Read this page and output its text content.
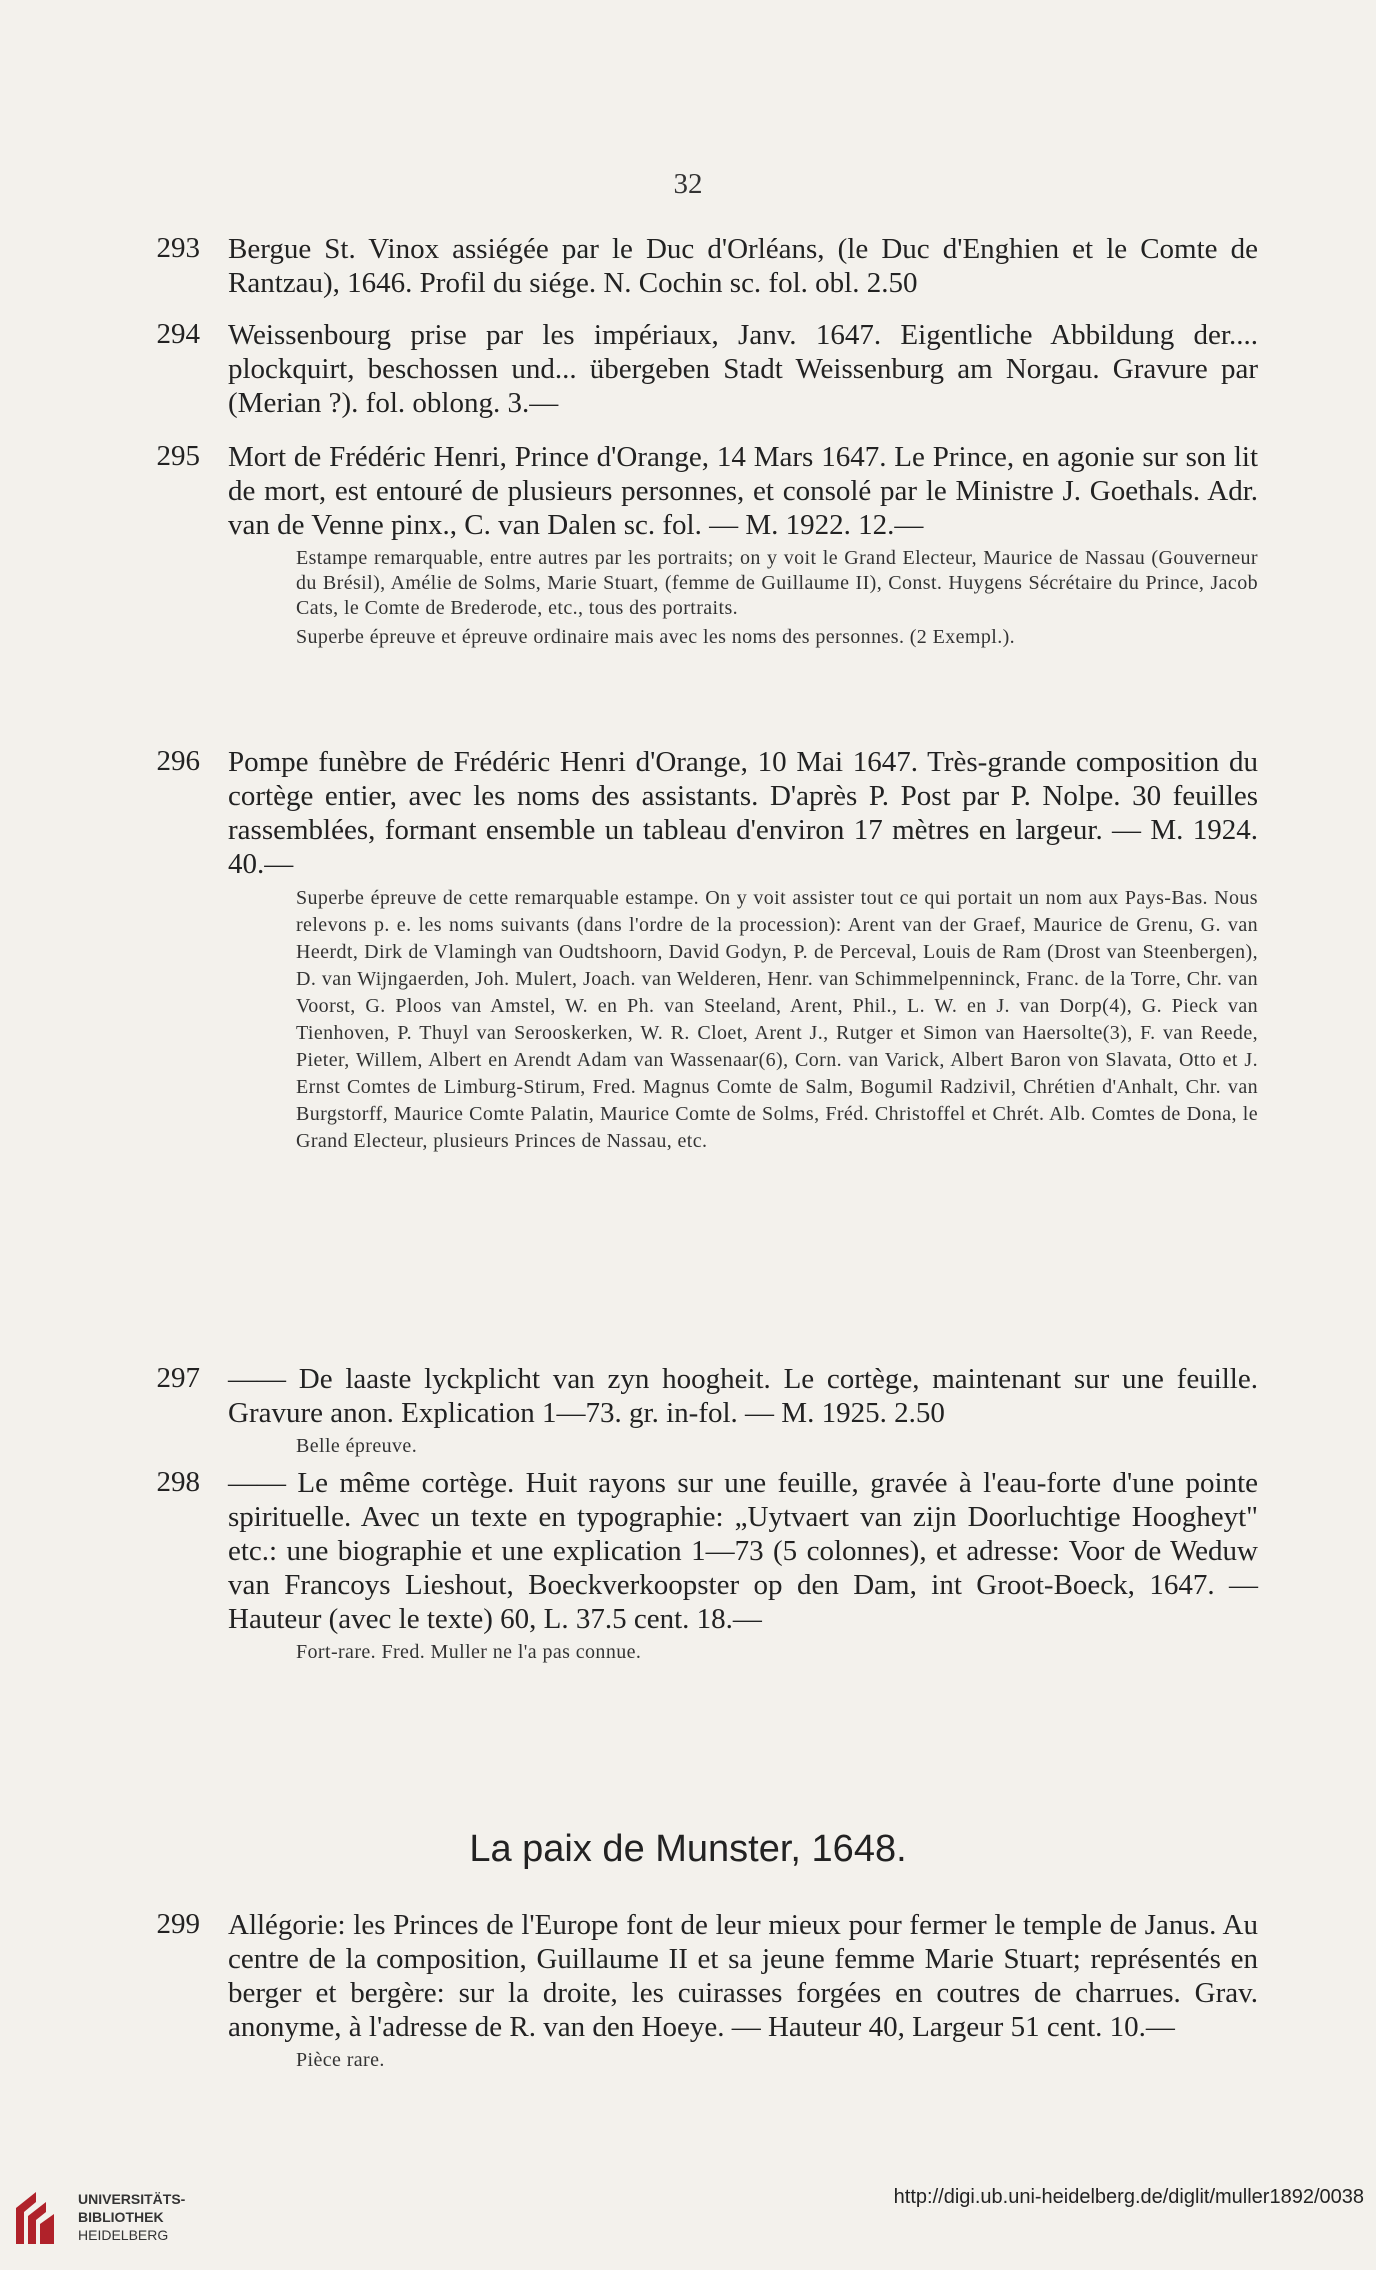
32
293 Bergue St. Vinox assiégée par le Duc d'Orléans, (le Duc d'Enghien et le Comte de Rantzau), 1646. Profil du siége. N. Cochin sc. fol. obl. 2.50
294 Weissenbourg prise par les impériaux, Janv. 1647. Eigentliche Abbildung der.... plockquirt, beschossen und... übergeben Stadt Weissenburg am Norgau. Gravure par (Merian ?). fol. oblong. 3.—
295 Mort de Frédéric Henri, Prince d'Orange, 14 Mars 1647. Le Prince, en agonie sur son lit de mort, est entouré de plusieurs personnes, et consolé par le Ministre J. Goethals. Adr. van de Venne pinx., C. van Dalen sc. fol. — M. 1922. 12.—
Estampe remarquable, entre autres par les portraits; on y voit le Grand Electeur, Maurice de Nassau (Gouverneur du Brésil), Amélie de Solms, Marie Stuart, (femme de Guillaume II), Const. Huygens Sécrétaire du Prince, Jacob Cats, le Comte de Brederode, etc., tous des portraits.
Superbe épreuve et épreuve ordinaire mais avec les noms des personnes. (2 Exempl.).
296 Pompe funèbre de Frédéric Henri d'Orange, 10 Mai 1647. Très-grande composition du cortège entier, avec les noms des assistants. D'après P. Post par P. Nolpe. 30 feuilles rassemblées, formant ensemble un tableau d'environ 17 mètres en largeur. — M. 1924. 40.—
Superbe épreuve de cette remarquable estampe. On y voit assister tout ce qui portait un nom aux Pays-Bas. Nous relevons p. e. les noms suivants (dans l'ordre de la procession): Arent van der Graef, Maurice de Grenu, G. van Heerdt, Dirk de Vlamingh van Oudtshoorn, David Godyn, P. de Perceval, Louis de Ram (Drost van Steenbergen), D. van Wijngaerden, Joh. Mulert, Joach. van Welderen, Henr. van Schimmelpenninck, Franc. de la Torre, Chr. van Voorst, G. Ploos van Amstel, W. en Ph. van Steeland, Arent, Phil., L. W. en J. van Dorp(4), G. Pieck van Tienhoven, P. Thuyl van Serooskerken, W. R. Cloet, Arent J., Rutger et Simon van Haersolte(3), F. van Reede, Pieter, Willem, Albert en Arendt Adam van Wassenaar(6), Corn. van Varick, Albert Baron von Slavata, Otto et J. Ernst Comtes de Limburg-Stirum, Fred. Magnus Comte de Salm, Bogumil Radzivil, Chrétien d'Anhalt, Chr. van Burgstorff, Maurice Comte Palatin, Maurice Comte de Solms, Fréd. Christoffel et Chrét. Alb. Comtes de Dona, le Grand Electeur, plusieurs Princes de Nassau, etc.
297 —— De laaste lyckplicht van zyn hoogheit. Le cortège, maintenant sur une feuille. Gravure anon. Explication 1—73. gr. in-fol. — M. 1925. 2.50
Belle épreuve.
298 —— Le même cortège. Huit rayons sur une feuille, gravée à l'eau-forte d'une pointe spirituelle. Avec un texte en typographie: „Uytvaert van zijn Doorluchtige Hoogheyt" etc.: une biographie et une explication 1—73 (5 colonnes), et adresse: Voor de Weduw van Francoys Lieshout, Boeckverkoopster op den Dam, int Groot-Boeck, 1647. — Hauteur (avec le texte) 60, L. 37.5 cent. 18.—
Fort-rare. Fred. Muller ne l'a pas connue.
La paix de Munster, 1648.
299 Allégorie: les Princes de l'Europe font de leur mieux pour fermer le temple de Janus. Au centre de la composition, Guillaume II et sa jeune femme Marie Stuart; représentés en berger et bergère: sur la droite, les cuirasses forgées en coutres de charrues. Grav. anonyme, à l'adresse de R. van den Hoeye. — Hauteur 40, Largeur 51 cent. 10.—
Pièce rare.
UNIVERSITÄTS-
BIBLIOTHEK
HEIDELBERG
http://digi.ub.uni-heidelberg.de/diglit/muller1892/0038
